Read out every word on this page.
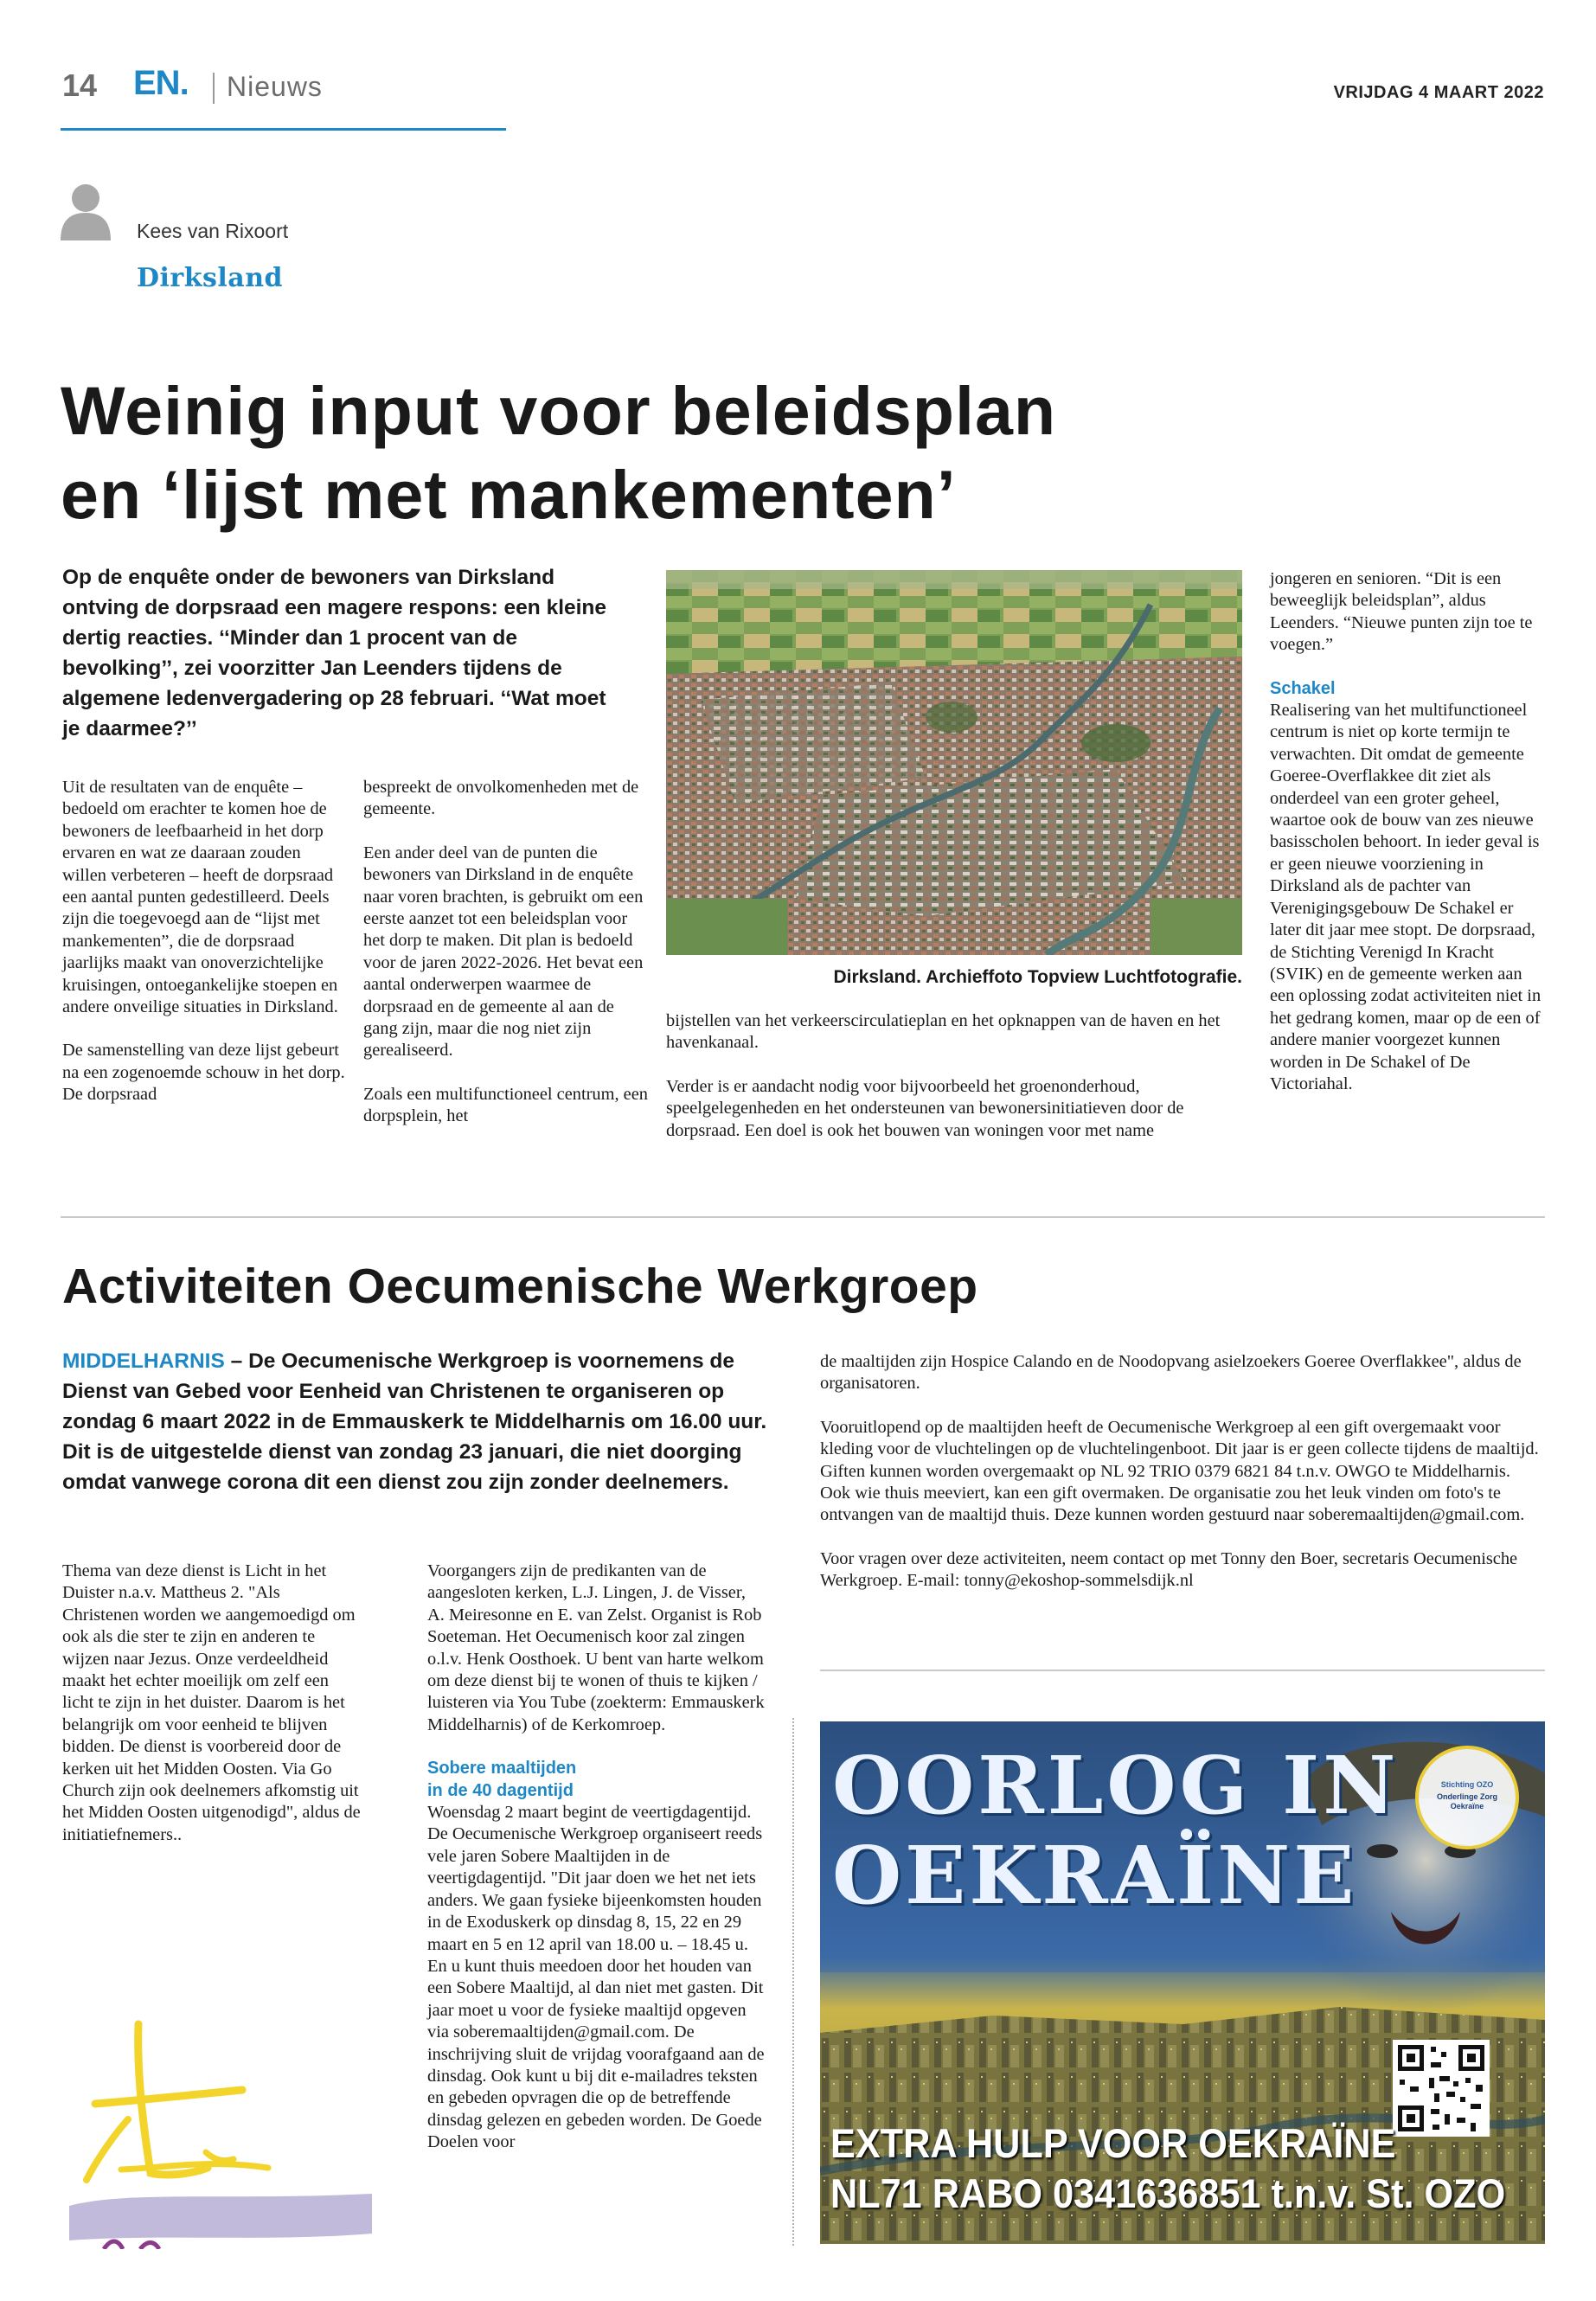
14 EN. Nieuws	VRIJDAG 4 MAART 2022
Kees van Rixoort
Dirksland
Weinig input voor beleidsplan
en ‘lijst met mankementen’
Op de enquête onder de bewoners van Dirksland ontving de dorpsraad een magere respons: een kleine dertig reacties. ‘‘Minder dan 1 procent van de bevolking’’, zei voorzitter Jan Leenders tijdens de algemene ledenvergadering op 28 februari. ‘‘Wat moet je daarmee?’’

Uit de resultaten van de enquête – bedoeld om erachter te komen hoe de bewoners de leefbaarheid in het dorp ervaren en wat ze daaraan zouden willen verbeteren – heeft de dorpsraad een aantal punten gedestilleerd. Deels zijn die toegevoegd aan de “lijst met mankementen”, die de dorpsraad jaarlijks maakt van onoverzichtelijke kruisingen, ontoegankelijke stoepen en andere onveilige situaties in Dirksland.

De samenstelling van deze lijst gebeurt na een zogenoemde schouw in het dorp. De dorpsraad

bespreekt de onvolkomenheden met de gemeente.

Een ander deel van de punten die bewoners van Dirksland in de enquête naar voren brachten, is gebruikt om een eerste aanzet tot een beleidsplan voor het dorp te maken. Dit plan is bedoeld voor de jaren 2022-2026. Het bevat een aantal onderwerpen waarmee de dorpsraad en de gemeente al aan de gang zijn, maar die nog niet zijn gerealiseerd.

Zoals een multifunctioneel centrum, een dorpsplein, het

Dirksland. Archieffoto Topview Luchtfotografie.

bijstellen van het verkeerscirculatieplan en het opknappen van de haven en het havenkanaal.

Verder is er aandacht nodig voor bijvoorbeeld het groenonderhoud, speelgelegenheden en het ondersteunen van bewonersinitiatieven door de dorpsraad. Een doel is ook het bouwen van woningen voor met name

jongeren en senioren. “Dit is een beweeglijk beleidsplan”, aldus Leenders. “Nieuwe punten zijn toe te voegen.”

Schakel

Realisering van het multifunctioneel centrum is niet op korte termijn te verwachten. Dit omdat de gemeente Goeree-Overflakkee dit ziet als onderdeel van een groter geheel, waartoe ook de bouw van zes nieuwe basisscholen behoort. In ieder geval is er geen nieuwe voorziening in Dirksland als de pachter van Verenigingsgebouw De Schakel er later dit jaar mee stopt. De dorpsraad, de Stichting Verenigd In Kracht (SVIK) en de gemeente werken aan een oplossing zodat activiteiten niet in het gedrang komen, maar op de een of andere manier voorgezet kunnen worden in De Schakel of De Victoriahal.

Activiteiten Oecumenische Werkgroep
MIDDELHARNIS – De Oecumenische Werkgroep is voornemens de Dienst van Gebed voor Eenheid van Christenen te organiseren op zondag 6 maart 2022 in de Emmauskerk te Middelharnis om 16.00 uur. Dit is de uitgestelde dienst van zondag 23 januari, die niet doorging omdat vanwege corona dit een dienst zou zijn zonder deelnemers.

Thema van deze dienst is Licht in het Duister n.a.v. Mattheus 2. "Als Christenen worden we aangemoedigd om ook als die ster te zijn en anderen te wijzen naar Jezus. Onze verdeeldheid maakt het echter moeilijk om zelf een licht te zijn in het duister. Daarom is het belangrijk om voor eenheid te blijven bidden. De dienst is voorbereid door de kerken uit het Midden Oosten. Via Go Church zijn ook deelnemers afkomstig uit het Midden Oosten uitgenodigd", aldus de initiatiefnemers..

Voorgangers zijn de predikanten van de aangesloten kerken, L.J. Lingen, J. de Visser, A. Meiresonne en E. van Zelst. Organist is Rob Soeteman. Het Oecumenisch koor zal zingen o.l.v. Henk Oosthoek. U bent van harte welkom om deze dienst bij te wonen of thuis te kijken / luisteren via You Tube (zoekterm: Emmauskerk Middelharnis) of de Kerkomroep.

Sobere maaltijden
in de 40 dagentijd

Woensdag 2 maart begint de veertigdagentijd. De Oecumenische Werkgroep organiseert reeds vele jaren Sobere Maaltijden in de veertigdagentijd. "Dit jaar doen we het net iets anders. We gaan fysieke bijeenkomsten houden in de Exoduskerk op dinsdag 8, 15, 22 en 29 maart en 5 en 12 april van 18.00 u. – 18.45 u. En u kunt thuis meedoen door het houden van een Sobere Maaltijd, al dan niet met gasten. Dit jaar moet u voor de fysieke maaltijd opgeven via soberemaaltijden@gmail.com. De inschrijving sluit de vrijdag voorafgaand aan de dinsdag. Ook kunt u bij dit e-mailadres teksten en gebeden opvragen die op de betreffende dinsdag gelezen en gebeden worden. De Goede Doelen voor

de maaltijden zijn Hospice Calando en de Noodopvang asielzoekers Goeree Overflakkee", aldus de organisatoren.

Vooruitlopend op de maaltijden heeft de Oecumenische Werkgroep al een gift overgemaakt voor kleding voor de vluchtelingen op de vluchtelingenboot. Dit jaar is er geen collecte tijdens de maaltijd. Giften kunnen worden overgemaakt op NL 92 TRIO 0379 6821 84 t.n.v. OWGO te Middelharnis. Ook wie thuis meeviert, kan een gift overmaken. De organisatie zou het leuk vinden om foto's te ontvangen van de maaltijd thuis. Deze kunnen worden gestuurd naar soberemaaltijden@gmail.com.

Voor vragen over deze activiteiten, neem contact op met Tonny den Boer, secretaris Oecumenische Werkgroep. E-mail: tonny@ekoshop-sommelsdijk.nl

OORLOG IN
OEKRAÏNE
Stichting OZO
Onderlinge Zorg Oekraïne
EXTRA HULP VOOR OEKRAÏNE
NL71 RABO 0341636851 t.n.v. St. OZO
